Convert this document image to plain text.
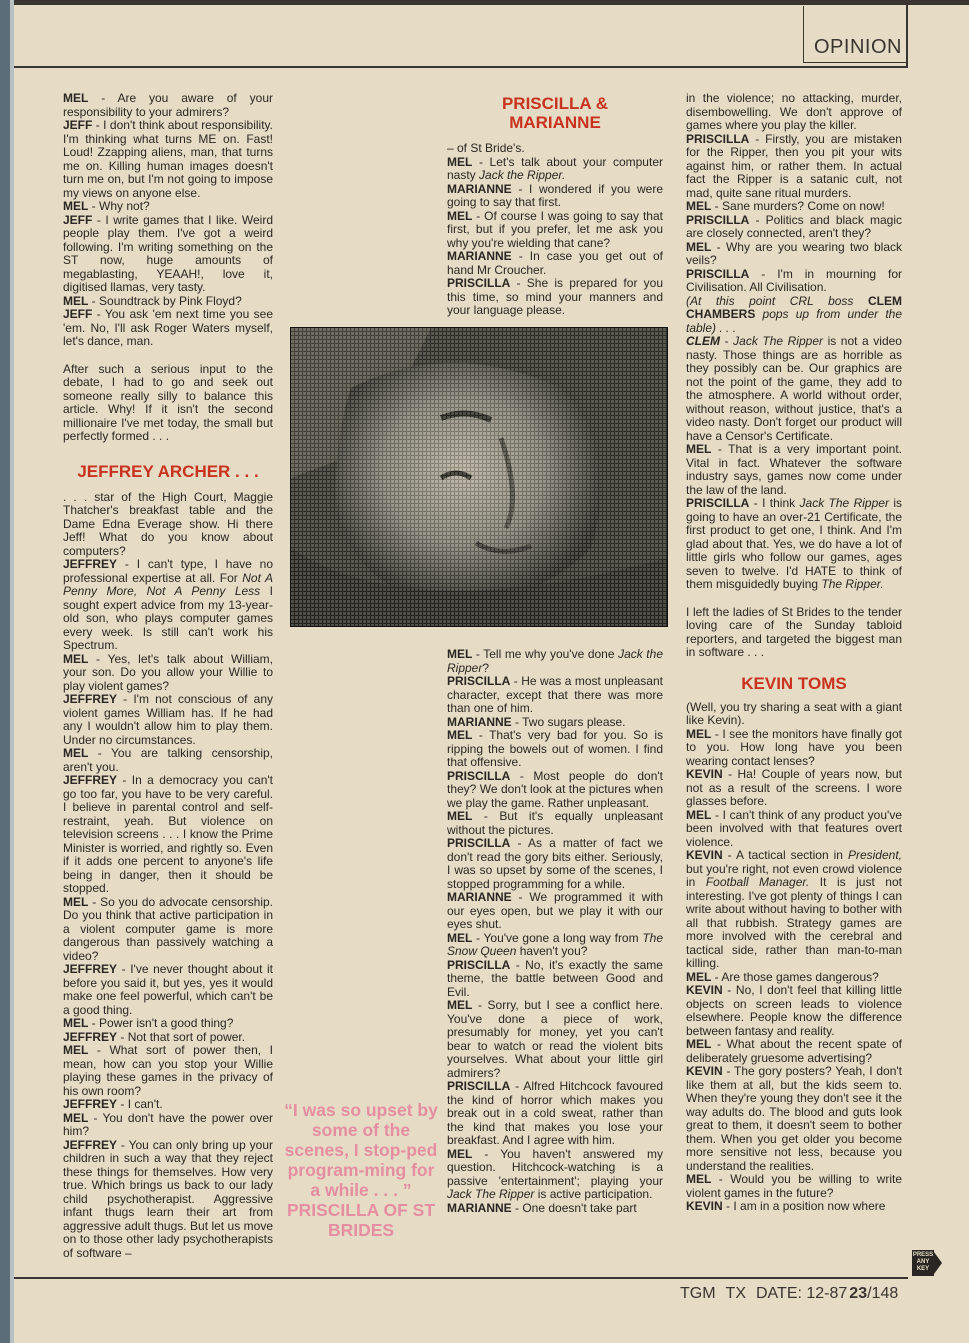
OPINION

MEL - Are you aware of your responsibility to your admirers?

JEFF - I don't think about responsibility. I'm thinking what turns ME on. Fast! Loud! Zzapping aliens, man, that turns me on. Killing human images doesn't turn me on, but I'm not going to impose my views on anyone else.

MEL - Why not?

JEFF - I write games that I like. Weird people play them. I've got a weird following. I'm writing something on the ST now, huge amounts of megablasting, YEAAH!, love it, digitised llamas, very tasty.

MEL - Soundtrack by Pink Floyd?

JEFF - You ask 'em next time you see 'em. No, I'll ask Roger Waters myself, let's dance, man.

After such a serious input to the debate, I had to go and seek out someone really silly to balance this article. Why! If it isn't the second millionaire I've met today, the small but perfectly formed . . .

JEFFREY ARCHER . . .

. . . star of the High Court, Maggie Thatcher's breakfast table and the Dame Edna Everage show. Hi there Jeff! What do you know about computers?

JEFFREY - I can't type, I have no professional expertise at all. For Not A Penny More, Not A Penny Less I sought expert advice from my 13-year-old son, who plays computer games every week. Is still can't work his Spectrum.

MEL - Yes, let's talk about William, your son. Do you allow your Willie to play violent games?

JEFFREY - I'm not conscious of any violent games William has. If he had any I wouldn't allow him to play them. Under no circumstances.

MEL - You are talking censorship, aren't you.

JEFFREY - In a democracy you can't go too far, you have to be very careful. I believe in parental control and self-restraint, yeah. But violence on television screens . . . I know the Prime Minister is worried, and rightly so. Even if it adds one percent to anyone's life being in danger, then it should be stopped.

MEL - So you do advocate censorship. Do you think that active participation in a violent computer game is more dangerous than passively watching a video?

JEFFREY - I've never thought about it before you said it, but yes, yes it would make one feel powerful, which can't be a good thing.

MEL - Power isn't a good thing?

JEFFREY - Not that sort of power.

MEL - What sort of power then, I mean, how can you stop your Willie playing these games in the privacy of his own room?

JEFFREY - I can't.

MEL - You don't have the power over him?

JEFFREY - You can only bring up your children in such a way that they reject these things for themselves. How very true. Which brings us back to our lady child psychotherapist. Aggressive infant thugs learn their art from aggressive adult thugs. But let us move on to those other lady psychotherapists of software –

PRISCILLA &
MARIANNE

– of St Bride's.

MEL - Let's talk about your computer nasty Jack the Ripper.

MARIANNE - I wondered if you were going to say that first.

MEL - Of course I was going to say that first, but if you prefer, let me ask you why you're wielding that cane?

MARIANNE - In case you get out of hand Mr Croucher.

PRISCILLA - She is prepared for you this time, so mind your manners and your language please.

MEL - Tell me why you've done Jack the Ripper?

PRISCILLA - He was a most unpleasant character, except that there was more than one of him.

MARIANNE - Two sugars please.

MEL - That's very bad for you. So is ripping the bowels out of women. I find that offensive.

PRISCILLA - Most people do don't they? We don't look at the pictures when we play the game. Rather unpleasant.

MEL - But it's equally unpleasant without the pictures.

PRISCILLA - As a matter of fact we don't read the gory bits either. Seriously, I was so upset by some of the scenes, I stopped programming for a while.

MARIANNE - We programmed it with our eyes open, but we play it with our eyes shut.

MEL - You've gone a long way from The Snow Queen haven't you?

PRISCILLA - No, it's exactly the same theme, the battle between Good and Evil.

MEL - Sorry, but I see a conflict here. You've done a piece of work, presumably for money, yet you can't bear to watch or read the violent bits yourselves. What about your little girl admirers?

PRISCILLA - Alfred Hitchcock favoured the kind of horror which makes you break out in a cold sweat, rather than the kind that makes you lose your breakfast. And I agree with him.

MEL - You haven't answered my question. Hitchcock-watching is a passive 'entertainment'; playing your Jack The Ripper is active participation.

MARIANNE - One doesn't take part

“I was so upset by some of the scenes, I stop-ped program-ming for a while . . . ” PRISCILLA OF ST BRIDES

in the violence; no attacking, murder, disembowelling. We don't approve of games where you play the killer.

PRISCILLA - Firstly, you are mistaken for the Ripper, then you pit your wits against him, or rather them. In actual fact the Ripper is a satanic cult, not mad, quite sane ritual murders.

MEL - Sane murders? Come on now!

PRISCILLA - Politics and black magic are closely connected, aren't they?

MEL - Why are you wearing two black veils?

PRISCILLA - I'm in mourning for Civilisation. All Civilisation.

(At this point CRL boss CLEM CHAMBERS pops up from under the table) . . .

CLEM - Jack The Ripper is not a video nasty. Those things are as horrible as they possibly can be. Our graphics are not the point of the game, they add to the atmosphere. A world without order, without reason, without justice, that's a video nasty. Don't forget our product will have a Censor's Certificate.

MEL - That is a very important point. Vital in fact. Whatever the software industry says, games now come under the law of the land.

PRISCILLA - I think Jack The Ripper is going to have an over-21 Certificate, the first product to get one, I think. And I'm glad about that. Yes, we do have a lot of little girls who follow our games, ages seven to twelve. I'd HATE to think of them misguidedly buying The Ripper.

I left the ladies of St Brides to the tender loving care of the Sunday tabloid reporters, and targeted the biggest man in software . . .

KEVIN TOMS

(Well, you try sharing a seat with a giant like Kevin).

MEL - I see the monitors have finally got to you. How long have you been wearing contact lenses?

KEVIN - Ha! Couple of years now, but not as a result of the screens. I wore glasses before.

MEL - I can't think of any product you've been involved with that features overt violence.

KEVIN - A tactical section in President, but you're right, not even crowd violence in Football Manager. It is just not interesting. I've got plenty of things I can write about without having to bother with all that rubbish. Strategy games are more involved with the cerebral and tactical side, rather than man-to-man killing.

MEL - Are those games dangerous?

KEVIN - No, I don't feel that killing little objects on screen leads to violence elsewhere. People know the difference between fantasy and reality.

MEL - What about the recent spate of deliberately gruesome advertising?

KEVIN - The gory posters? Yeah, I don't like them at all, but the kids seem to. When they're young they don't see it the way adults do. The blood and guts look great to them, it doesn't seem to bother them. When you get older you become more sensitive not less, because you understand the realities.

MEL - Would you be willing to write violent games in the future?

KEVIN - I am in a position now where

PRESS
ANY
KEY
TGM TX DATE: 12-87 23/148
